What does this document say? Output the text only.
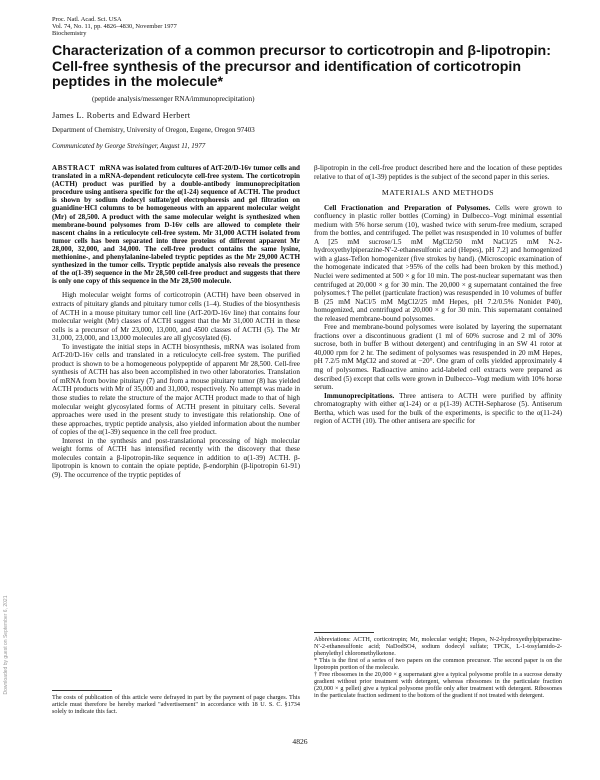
Proc. Natl. Acad. Sci. USA
Vol. 74, No. 11, pp. 4826–4830, November 1977
Biochemistry
Characterization of a common precursor to corticotropin and β-lipotropin: Cell-free synthesis of the precursor and identification of corticotropin peptides in the molecule*
(peptide analysis/messenger RNA/immunoprecipitation)
James L. Roberts and Edward Herbert
Department of Chemistry, University of Oregon, Eugene, Oregon 97403
Communicated by George Streisinger, August 11, 1977

ABSTRACT mRNA was isolated from cultures of AtT-20/D-16v tumor cells and translated in a mRNA-dependent reticulocyte cell-free system. The corticotropin (ACTH) product was purified by a double-antibody immunoprecipitation procedure using antisera specific for the α(1-24) sequence of ACTH. The product is shown by sodium dodecyl sulfate/gel electrophoresis and gel filtration on guanidine·HCl columns to be homogeneous with an apparent molecular weight (Mr) of 28,500. A product with the same molecular weight is synthesized when membrane-bound polysomes from D-16v cells are allowed to complete their nascent chains in a reticulocyte cell-free system. Mr 31,000 ACTH isolated from tumor cells has been separated into three proteins of different apparent Mr 28,000, 32,000, and 34,000. The cell-free product contains the same lysine, methionine-, and phenylalanine-labeled tryptic peptides as the Mr 29,000 ACTH synthesized in the tumor cells. Tryptic peptide analysis also reveals the presence of the α(1-39) sequence in the Mr 28,500 cell-free product and suggests that there is only one copy of this sequence in the Mr 28,500 molecule.

High molecular weight forms of corticotropin (ACTH) have been observed in extracts of pituitary glands and pituitary tumor cells (1–4). Studies of the biosynthesis of ACTH in a mouse pituitary tumor cell line (AtT-20/D-16v line) that contains four molecular weight (Mr) classes of ACTH suggest that the Mr 31,000 ACTH in these cells is a precursor of Mr 23,000, 13,000, and 4500 classes of ACTH (5). The Mr 31,000, 23,000, and 13,000 molecules are all glycosylated (6).

To investigate the initial steps in ACTH biosynthesis, mRNA was isolated from AtT-20/D-16v cells and translated in a reticulocyte cell-free system. The purified product is shown to be a homogeneous polypeptide of apparent Mr 28,500. Cell-free synthesis of ACTH has also been accomplished in two other laboratories. Translation of mRNA from bovine pituitary (7) and from a mouse pituitary tumor (8) has yielded ACTH products with Mr of 35,000 and 31,000, respectively. No attempt was made in those studies to relate the structure of the major ACTH product made to that of high molecular weight glycosylated forms of ACTH present in pituitary cells. Several approaches were used in the present study to investigate this relationship. One of these approaches, tryptic peptide analysis, also yielded information about the number of copies of the α(1-39) sequence in the cell free product.

Interest in the synthesis and post-translational processing of high molecular weight forms of ACTH has intensified recently with the discovery that these molecules contain a β-lipotropin-like sequence in addition to α(1-39) ACTH. β-lipotropin is known to contain the opiate peptide, β-endorphin (β-lipotropin 61-91) (9). The occurrence of the tryptic peptides of

β-lipotropin in the cell-free product described here and the location of these peptides relative to that of α(1-39) peptides is the subject of the second paper in this series.

MATERIALS AND METHODS

Cell Fractionation and Preparation of Polysomes. Cells were grown to confluency in plastic roller bottles (Corning) in Dulbecco–Vogt minimal essential medium with 5% horse serum (10), washed twice with serum-free medium, scraped from the bottles, and centrifuged. The pellet was resuspended in 10 volumes of buffer A [25 mM sucrose/1.5 mM MgCl2/50 mM NaCl/25 mM N-2-hydroxyethylpiperazine-N′-2-ethanesulfonic acid (Hepes), pH 7.2] and homogenized with a glass-Teflon homogenizer (five strokes by hand). (Microscopic examination of the homogenate indicated that >95% of the cells had been broken by this method.) Nuclei were sedimented at 500 × g for 10 min. The post-nuclear supernatant was then centrifuged at 20,000 × g for 30 min. The 20,000 × g supernatant contained the free polysomes.† The pellet (particulate fraction) was resuspended in 10 volumes of buffer B (25 mM NaCl/5 mM MgCl2/25 mM Hepes, pH 7.2/0.5% Nonidet P40), homogenized, and centrifuged at 20,000 × g for 30 min. This supernatant contained the released membrane-bound polysomes.

Free and membrane-bound polysomes were isolated by layering the supernatant fractions over a discontinuous gradient (1 ml of 60% sucrose and 2 ml of 30% sucrose, both in buffer B without detergent) and centrifuging in an SW 41 rotor at 40,000 rpm for 2 hr. The sediment of polysomes was resuspended in 20 mM Hepes, pH 7.2/5 mM MgCl2 and stored at −20°. One gram of cells yielded approximately 4 mg of polysomes. Radioactive amino acid-labeled cell extracts were prepared as described (5) except that cells were grown in Dulbecco–Vogt medium with 10% horse serum.

Immunoprecipitations. Three antisera to ACTH were purified by affinity chromatography with either α(1-24) or α p(1-39) ACTH-Sepharose (5). Antiserum Bertha, which was used for the bulk of the experiments, is specific to the α(11-24) region of ACTH (10). The other antisera are specific for

Abbreviations: ACTH, corticotropin; Mr, molecular weight; Hepes, N-2-hydroxyethylpiperazine-N′-2-ethanesulfonic acid; NaDodSO4, sodium dodecyl sulfate; TPCK, L-1-tosylamido-2-phenylethyl chloromethylketone.

* This is the first of a series of two papers on the common precursor. The second paper is on the lipotropin portion of the molecule.

† Free ribosomes in the 20,000 × g supernatant give a typical polysome profile in a sucrose density gradient without prior treatment with detergent, whereas ribosomes in the particulate fraction (20,000 × g pellet) give a typical polysome profile only after treatment with detergent. Ribosomes in the particulate fraction sediment to the bottom of the gradient if not treated with detergent.

The costs of publication of this article were defrayed in part by the payment of page charges. This article must therefore be hereby marked "advertisement" in accordance with 18 U. S. C. §1734 solely to indicate this fact.
4826
Downloaded by guest on September 6, 2021
